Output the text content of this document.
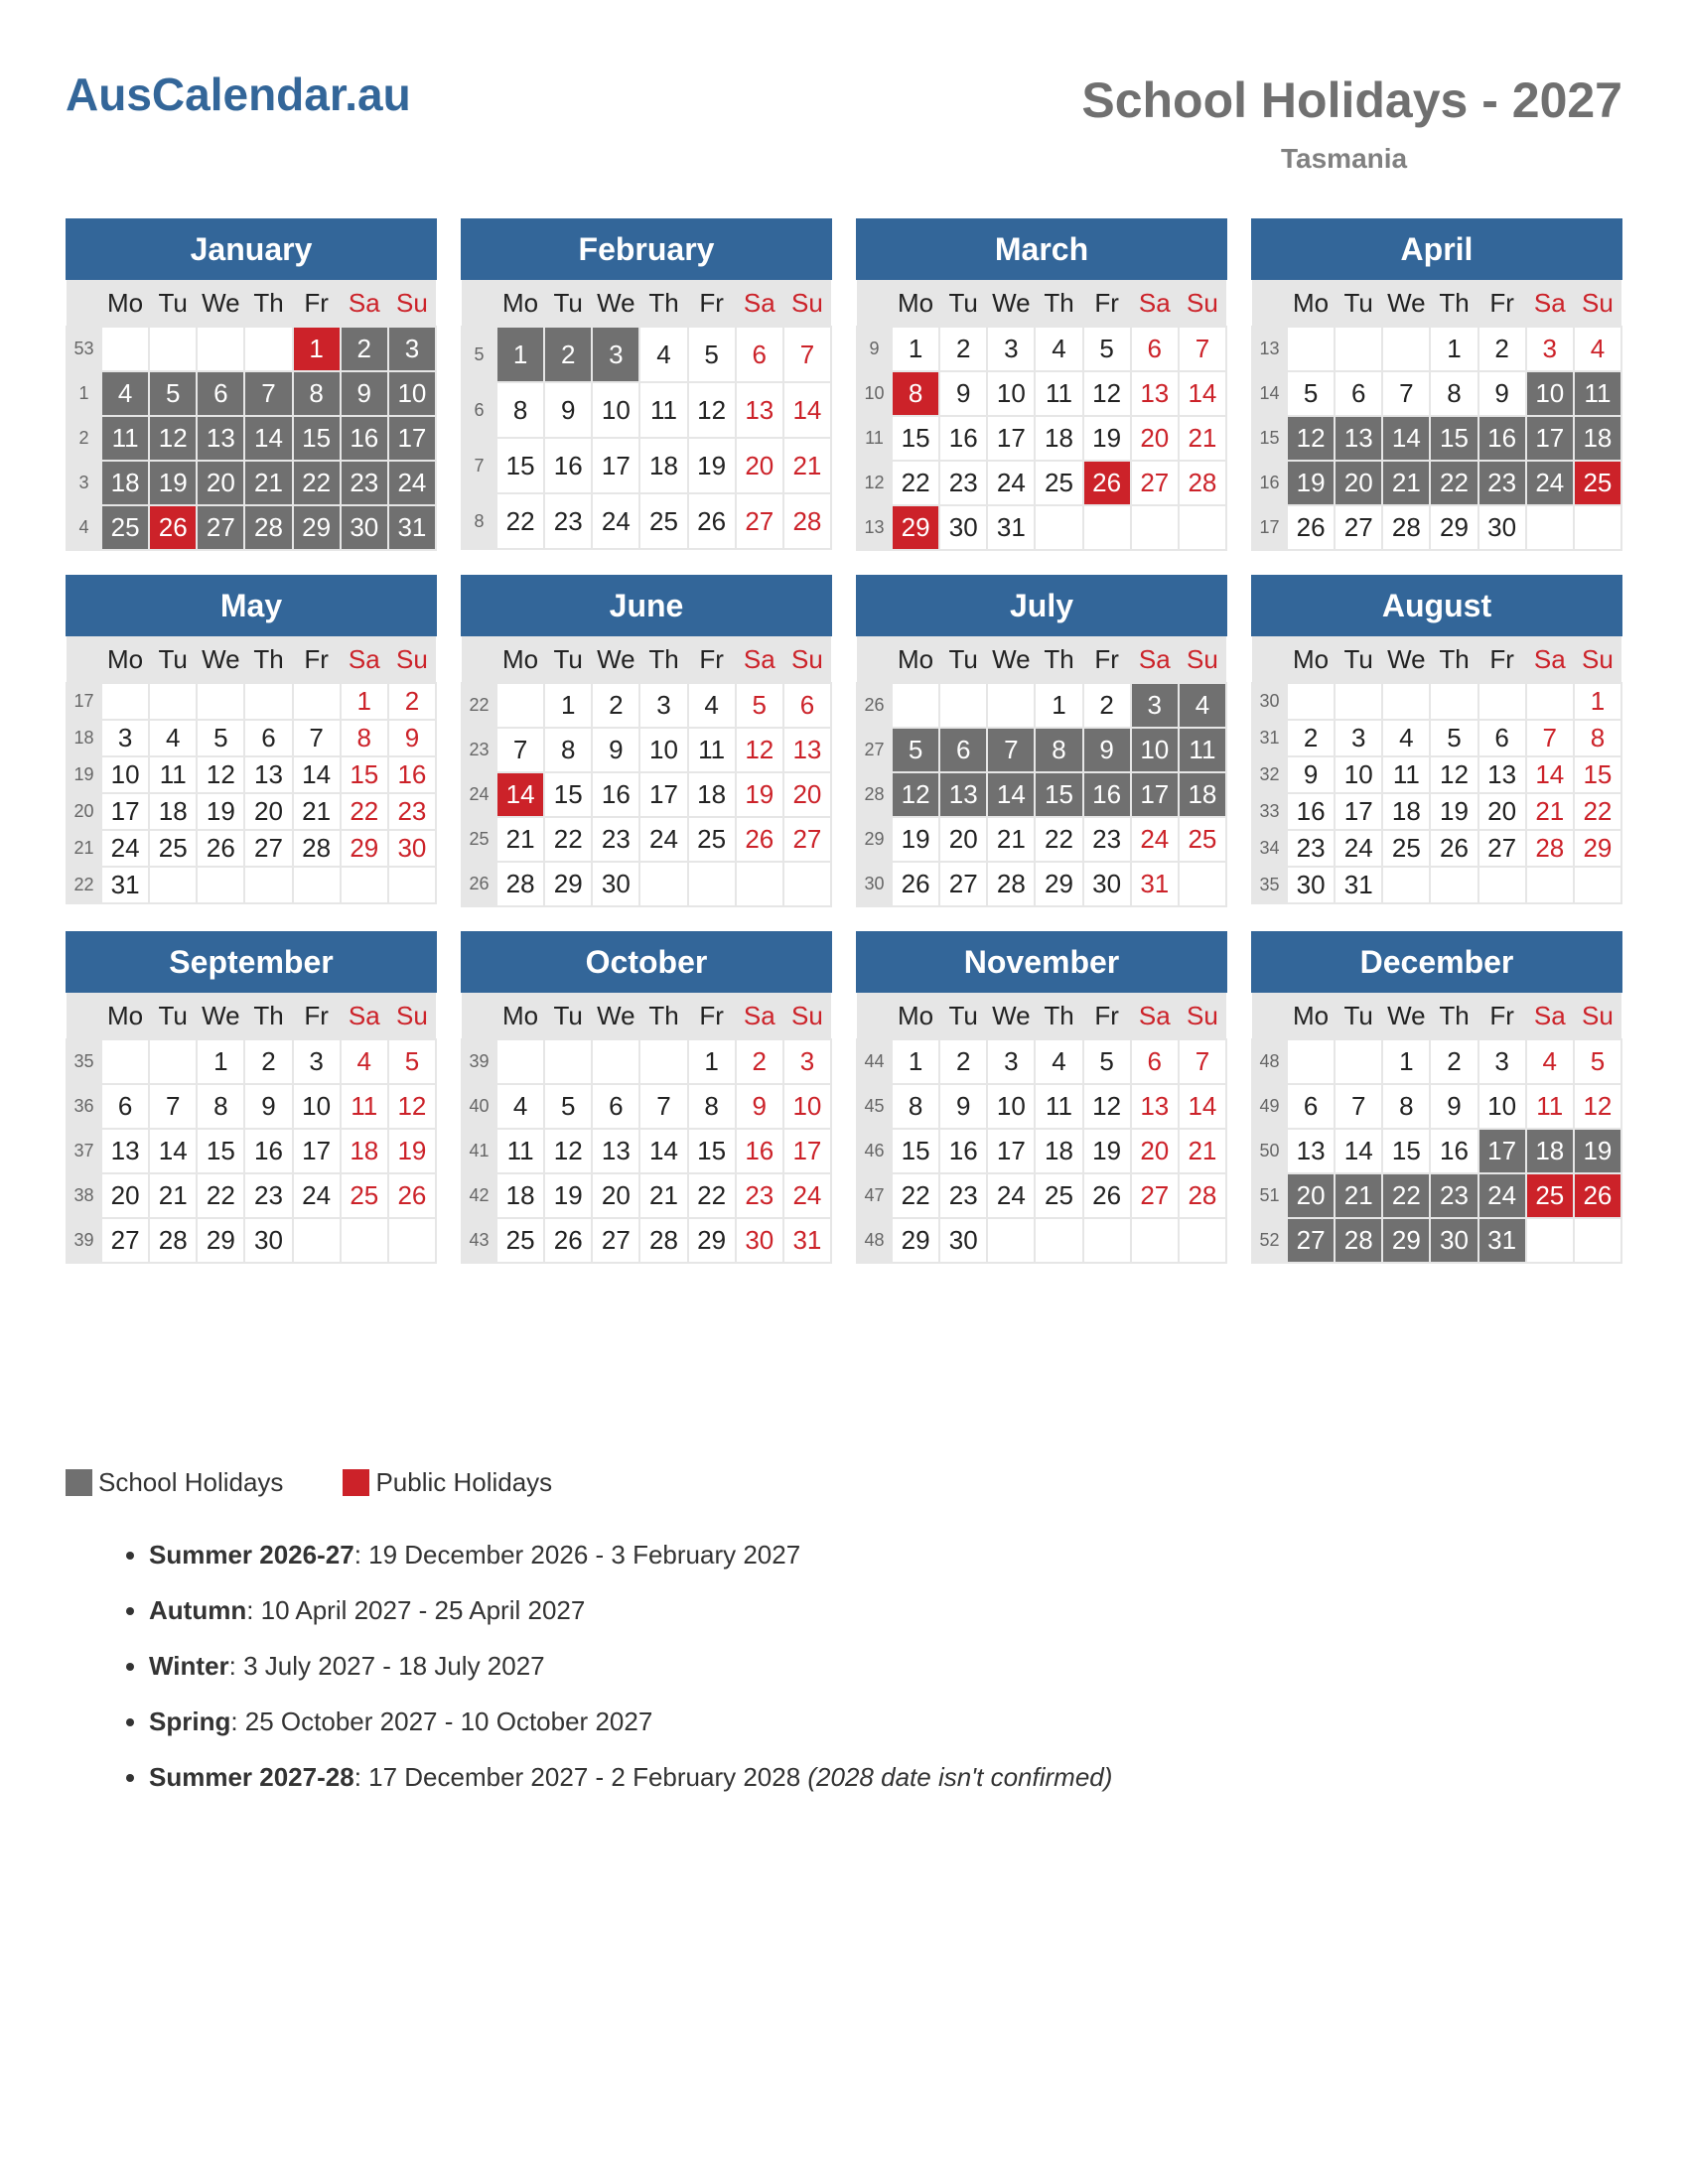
AusCalendar.au	School Holidays - 2027
Tasmania
January
	Mo	Tu	We	Th	Fr	Sa	Su
53					1	2	3
1	4	5	6	7	8	9	10
2	11	12	13	14	15	16	17
3	18	19	20	21	22	23	24
4	25	26	27	28	29	30	31
February
	Mo	Tu	We	Th	Fr	Sa	Su
5	1	2	3	4	5	6	7
6	8	9	10	11	12	13	14
7	15	16	17	18	19	20	21
8	22	23	24	25	26	27	28
March
	Mo	Tu	We	Th	Fr	Sa	Su
9	1	2	3	4	5	6	7
10	8	9	10	11	12	13	14
11	15	16	17	18	19	20	21
12	22	23	24	25	26	27	28
13	29	30	31				
April
	Mo	Tu	We	Th	Fr	Sa	Su
13				1	2	3	4
14	5	6	7	8	9	10	11
15	12	13	14	15	16	17	18
16	19	20	21	22	23	24	25
17	26	27	28	29	30		
May
	Mo	Tu	We	Th	Fr	Sa	Su
17						1	2
18	3	4	5	6	7	8	9
19	10	11	12	13	14	15	16
20	17	18	19	20	21	22	23
21	24	25	26	27	28	29	30
22	31						
June
	Mo	Tu	We	Th	Fr	Sa	Su
22		1	2	3	4	5	6
23	7	8	9	10	11	12	13
24	14	15	16	17	18	19	20
25	21	22	23	24	25	26	27
26	28	29	30				
July
	Mo	Tu	We	Th	Fr	Sa	Su
26				1	2	3	4
27	5	6	7	8	9	10	11
28	12	13	14	15	16	17	18
29	19	20	21	22	23	24	25
30	26	27	28	29	30	31	
August
	Mo	Tu	We	Th	Fr	Sa	Su
30							1
31	2	3	4	5	6	7	8
32	9	10	11	12	13	14	15
33	16	17	18	19	20	21	22
34	23	24	25	26	27	28	29
35	30	31					
September
	Mo	Tu	We	Th	Fr	Sa	Su
35			1	2	3	4	5
36	6	7	8	9	10	11	12
37	13	14	15	16	17	18	19
38	20	21	22	23	24	25	26
39	27	28	29	30			
October
	Mo	Tu	We	Th	Fr	Sa	Su
39					1	2	3
40	4	5	6	7	8	9	10
41	11	12	13	14	15	16	17
42	18	19	20	21	22	23	24
43	25	26	27	28	29	30	31
November
	Mo	Tu	We	Th	Fr	Sa	Su
44	1	2	3	4	5	6	7
45	8	9	10	11	12	13	14
46	15	16	17	18	19	20	21
47	22	23	24	25	26	27	28
48	29	30					
December
	Mo	Tu	We	Th	Fr	Sa	Su
48			1	2	3	4	5
49	6	7	8	9	10	11	12
50	13	14	15	16	17	18	19
51	20	21	22	23	24	25	26
52	27	28	29	30	31		
School Holidays	Public Holidays
• Summer 2026-27: 19 December 2026 - 3 February 2027
• Autumn: 10 April 2027 - 25 April 2027
• Winter: 3 July 2027 - 18 July 2027
• Spring: 25 October 2027 - 10 October 2027
• Summer 2027-28: 17 December 2027 - 2 February 2028 (2028 date isn't confirmed)
